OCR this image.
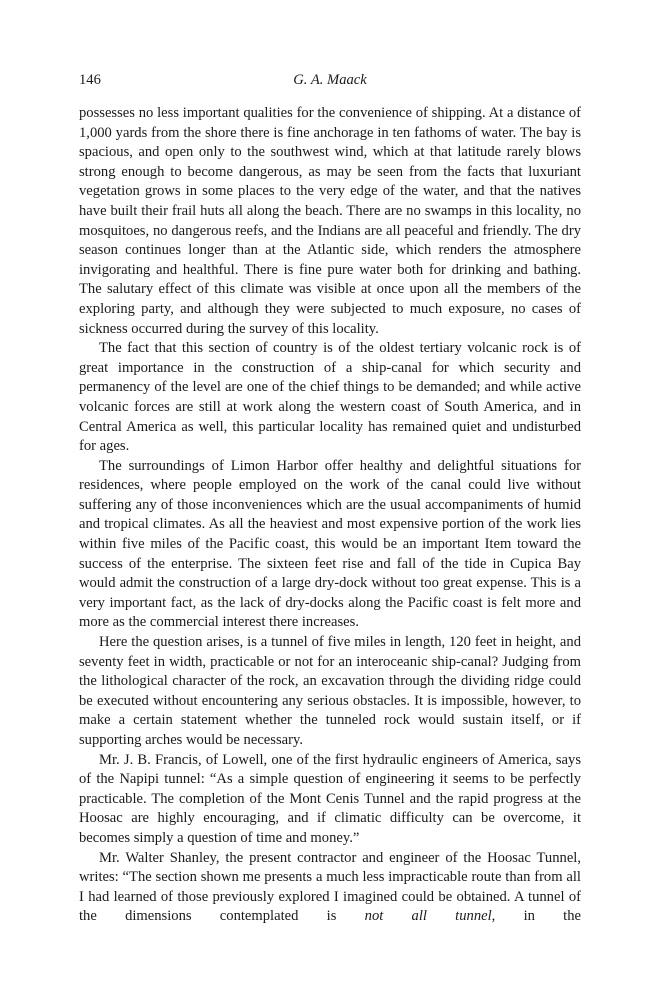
146	G. A. Maack

possesses no less important qualities for the convenience of shipping. At a distance of 1,000 yards from the shore there is fine anchorage in ten fathoms of water. The bay is spacious, and open only to the southwest wind, which at that latitude rarely blows strong enough to become dangerous, as may be seen from the facts that luxuriant vegetation grows in some places to the very edge of the water, and that the natives have built their frail huts all along the beach. There are no swamps in this locality, no mosquitoes, no dangerous reefs, and the Indians are all peaceful and friendly. The dry season continues longer than at the Atlantic side, which renders the atmosphere invigorating and healthful. There is fine pure water both for drinking and bathing. The salutary effect of this climate was visible at once upon all the members of the exploring party, and although they were subjected to much exposure, no cases of sickness occurred during the survey of this locality.

The fact that this section of country is of the oldest tertiary volcanic rock is of great importance in the construction of a ship-canal for which security and permanency of the level are one of the chief things to be demanded; and while active volcanic forces are still at work along the western coast of South America, and in Central America as well, this particular locality has remained quiet and undisturbed for ages.

The surroundings of Limon Harbor offer healthy and delightful situations for residences, where people employed on the work of the canal could live without suffering any of those inconveniences which are the usual accompaniments of humid and tropical climates. As all the heaviest and most expensive portion of the work lies within five miles of the Pacific coast, this would be an important Item toward the success of the enterprise. The sixteen feet rise and fall of the tide in Cupica Bay would admit the construction of a large dry-dock without too great expense. This is a very important fact, as the lack of dry-docks along the Pacific coast is felt more and more as the commercial interest there increases.

Here the question arises, is a tunnel of five miles in length, 120 feet in height, and seventy feet in width, practicable or not for an interoceanic ship-canal? Judging from the lithological character of the rock, an excavation through the dividing ridge could be executed without encountering any serious obstacles. It is impossible, however, to make a certain statement whether the tunneled rock would sustain itself, or if supporting arches would be necessary.

Mr. J. B. Francis, of Lowell, one of the first hydraulic engineers of America, says of the Napipi tunnel: “As a simple question of engineering it seems to be perfectly practicable. The completion of the Mont Cenis Tunnel and the rapid progress at the Hoosac are highly encouraging, and if climatic difficulty can be overcome, it becomes simply a question of time and money.”

Mr. Walter Shanley, the present contractor and engineer of the Hoosac Tunnel, writes: “The section shown me presents a much less impracticable route than from all I had learned of those previously explored I imagined could be obtained. A tunnel of the dimensions contemplated is not all tunnel, in the
